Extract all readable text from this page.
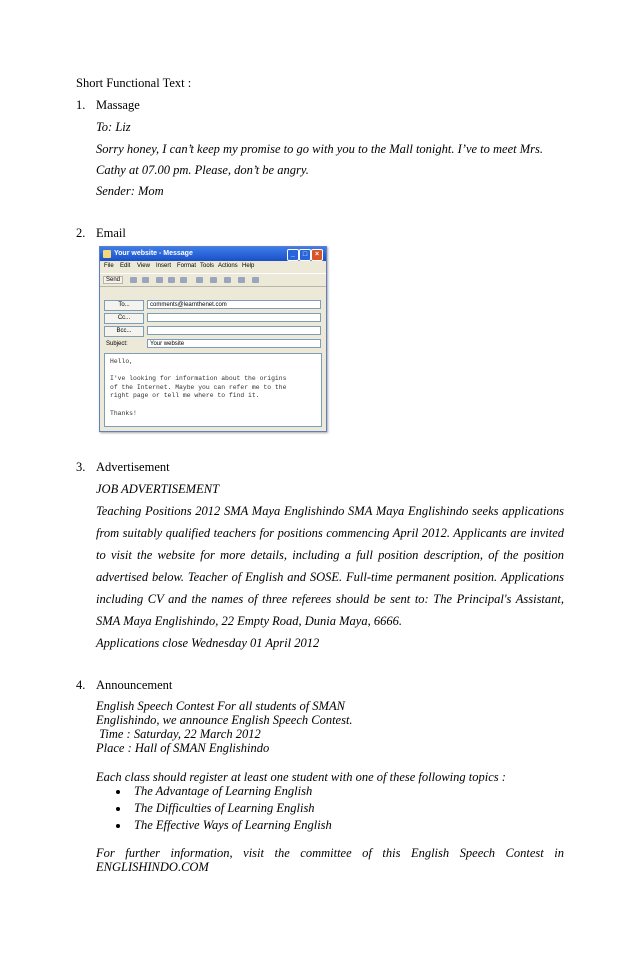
Short Functional Text :
1. Massage
To: Liz
Sorry honey, I can’t keep my promise to go with you to the Mall tonight. I’ve to meet Mrs.
Cathy at 07.00 pm. Please, don’t be angry.
Sender: Mom
2. Email
Your website - Message	_	□	×
File Edit View Insert Format Tools Actions Help
Send
To...	comments@learnthenet.com
Cc...
Bcc...
Subject:	Your website
Hello,

I've looking for information about the origins
of the Internet. Maybe you can refer me to the
right page or tell me where to find it.

Thanks!
3. Advertisement
JOB ADVERTISEMENT
Teaching Positions 2012 SMA Maya Englishindo SMA Maya Englishindo seeks applications
from suitably qualified teachers for positions commencing April 2012. Applicants are invited
to visit the website for more details, including a full position description, of the position
advertised below. Teacher of English and SOSE. Full-time permanent position. Applications
including CV and the names of three referees should be sent to: The Principal's Assistant,
SMA Maya Englishindo, 22 Empty Road, Dunia Maya, 6666.
Applications close Wednesday 01 April 2012
4. Announcement
English Speech Contest For all students of SMAN
Englishindo, we announce English Speech Contest.
Time : Saturday, 22 March 2012
Place : Hall of SMAN Englishindo
Each class should register at least one student with one of these following topics :
The Advantage of Learning English
The Difficulties of Learning English
The Effective Ways of Learning English
For further information, visit the committee of this English Speech Contest in
ENGLISHINDO.COM
